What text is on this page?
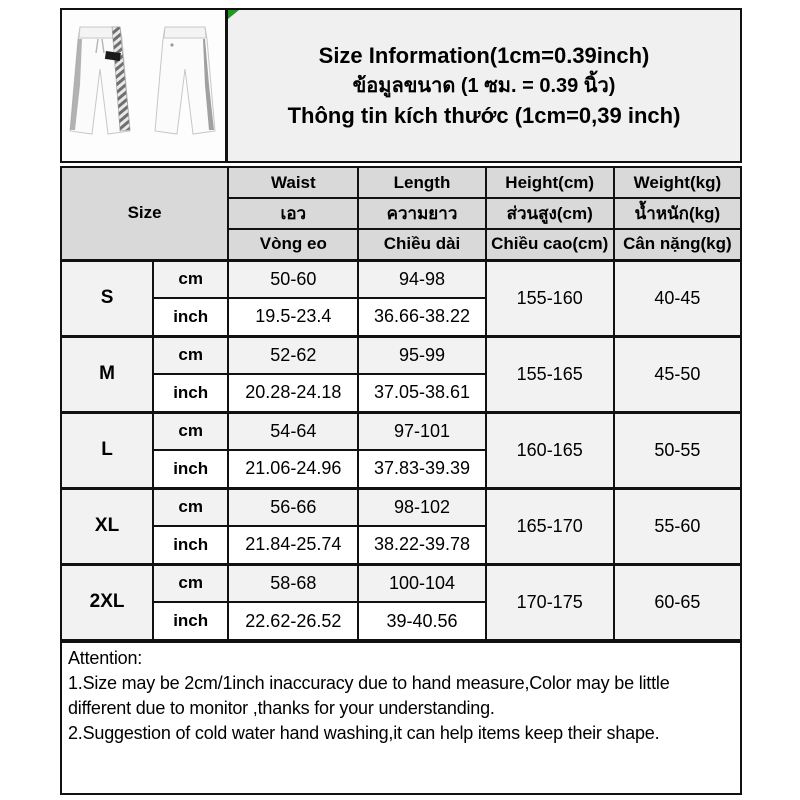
Size Information(1cm=0.39inch)
ข้อมูลขนาด (1 ซม. = 0.39 นิ้ว)
Thông tin kích thước (1cm=0,39 inch)
Size		Waist	Length	Height(cm)	Weight(kg)
		เอว	ความยาว	ส่วนสูง(cm)	น้ำหนัก(kg)
		Vòng eo	Chiều dài	Chiều cao(cm)	Cân nặng(kg)
S	cm	50-60	94-98	155-160	40-45
	inch	19.5-23.4	36.66-38.22		
M	cm	52-62	95-99	155-165	45-50
	inch	20.28-24.18	37.05-38.61		
L	cm	54-64	97-101	160-165	50-55
	inch	21.06-24.96	37.83-39.39		
XL	cm	56-66	98-102	165-170	55-60
	inch	21.84-25.74	38.22-39.78		
2XL	cm	58-68	100-104	170-175	60-65
	inch	22.62-26.52	39-40.56		
Attention:
1.Size may be 2cm/1inch inaccuracy due to hand measure,Color may be little different due to monitor ,thanks for your understanding.
2.Suggestion of cold water hand washing,it can help items keep their shape.
